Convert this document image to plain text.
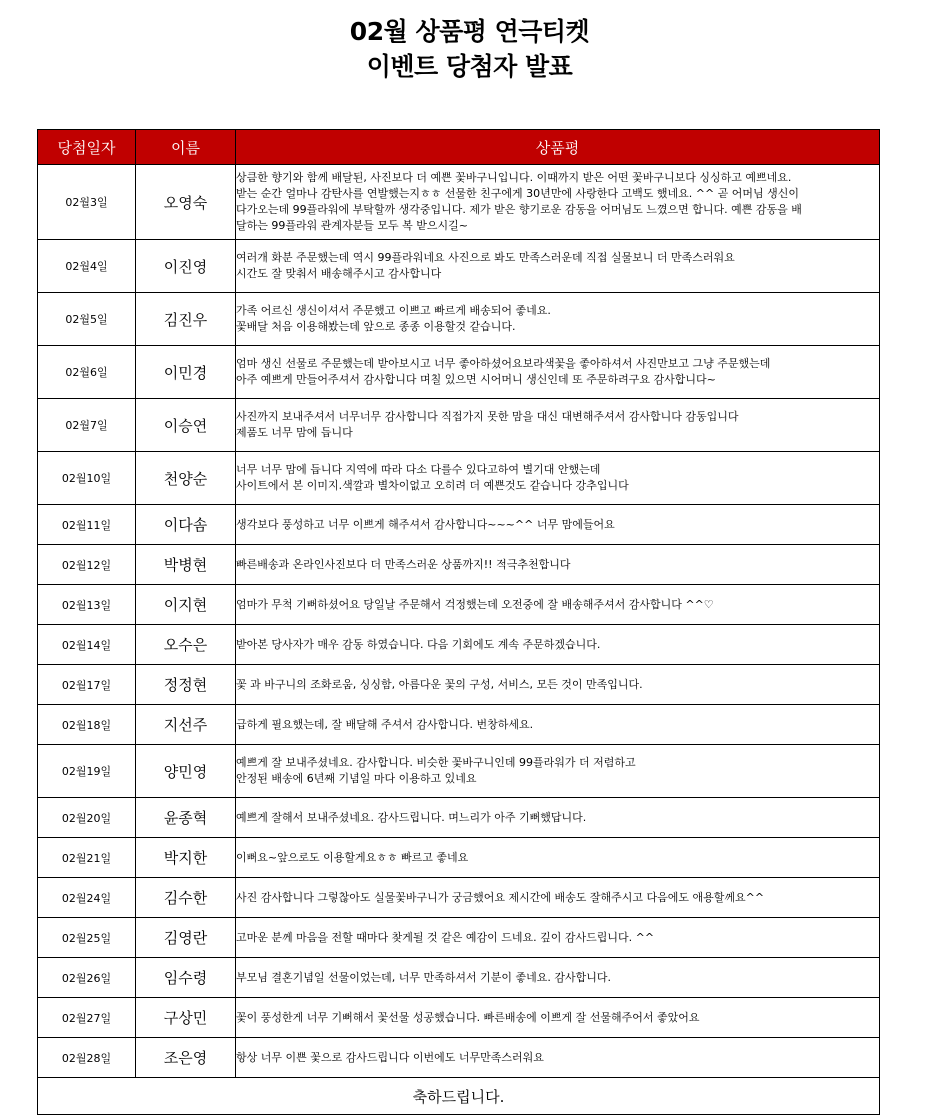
02월 상품평 연극티켓
이벤트 당첨자 발표
당첨일자	이름	상품평
02월3일	오영숙	상큼한 향기와 함께 배달된, 사진보다 더 예쁜 꽃바구니입니다. 이때까지 받은 어떤 꽃바구니보다 싱싱하고 예쁘네요.
받는 순간 얼마나 감탄사를 연발했는지ㅎㅎ 선물한 친구에게 30년만에 사랑한다 고백도 했네요. ^^ 곧 어머님 생신이
다가오는데 99플라워에 부탁할까 생각중입니다. 제가 받은 향기로운 감동을 어머님도 느꼈으면 합니다. 예쁜 감동을 배
달하는 99플라워 관계자분들 모두 복 받으시길~
02월4일	이진영	여러개 화분 주문했는데 역시 99플라워네요 사진으로 봐도 만족스러운데 직접 실물보니 더 만족스러워요
시간도 잘 맞춰서 배송해주시고 감사합니다
02월5일	김진우	가족 어르신 생신이셔서 주문했고 이쁘고 빠르게 배송되어 좋네요.
꽃배달 처음 이용해봤는데 앞으로 종종 이용할것 같습니다.
02월6일	이민경	엄마 생신 선물로 주문했는데 받아보시고 너무 좋아하셨어요보라색꽃을 좋아하셔서 사진만보고 그냥 주문했는데
아주 예쁘게 만들어주셔서 감사합니다 며칠 있으면 시어머니 생신인데 또 주문하려구요 감사합니다~
02월7일	이승연	사진까지 보내주셔서 너무너무 감사합니다 직접가지 못한 맘을 대신 대변해주셔서 감사합니다 감동입니다
제품도 너무 맘에 듭니다
02월10일	천양순	너무 너무 맘에 듭니다 지역에 따라 다소 다를수 있다고하여 별기대 안했는데
사이트에서 본 이미지.색깔과 별차이없고 오히려 더 예쁜것도 같습니다 강추입니다
02월11일	이다솜	생각보다 풍성하고 너무 이쁘게 해주셔서 감사합니다~~~^^ 너무 맘에들어요
02월12일	박병현	빠른배송과 온라인사진보다 더 만족스러운 상품까지!! 적극추천합니다
02월13일	이지현	엄마가 무척 기뻐하셨어요 당일날 주문해서 걱정했는데 오전중에 잘 배송해주셔서 감사합니다 ^^♡
02월14일	오수은	받아본 당사자가 매우 감동 하였습니다. 다음 기회에도 계속 주문하겠습니다.
02월17일	정정현	꽃 과 바구니의 조화로움, 싱싱함, 아름다운 꽃의 구성, 서비스, 모든 것이 만족입니다.
02월18일	지선주	급하게 필요했는데, 잘 배달해 주셔서 감사합니다. 번창하세요.
02월19일	양민영	예쁘게 잘 보내주셨네요. 감사합니다. 비슷한 꽃바구니인데 99플라워가 더 저렴하고
안정된 배송에 6년째 기념일 마다 이용하고 있네요
02월20일	윤종혁	예쁘게 잘해서 보내주셨네요. 감사드립니다. 며느리가 아주 기뻐했답니다.
02월21일	박지한	이뻐요~앞으로도 이용할게요ㅎㅎ 빠르고 좋네요
02월24일	김수한	사진 감사합니다 그렇찮아도 실물꽃바구니가 궁금했어요 제시간에 배송도 잘해주시고 다음에도 애용할께요^^
02월25일	김영란	고마운 분께 마음을 전할 때마다 찾게될 것 같은 예감이 드네요. 깊이 감사드립니다. ^^
02월26일	임수령	부모님 결혼기념일 선물이었는데, 너무 만족하셔서 기분이 좋네요. 감사합니다.
02월27일	구상민	꽃이 풍성한게 너무 기뻐해서 꽃선물 성공했습니다. 빠른배송에 이쁘게 잘 선물해주어서 좋았어요
02월28일	조은영	항상 너무 이쁜 꽃으로 감사드립니다 이번에도 너무만족스러워요
축하드립니다.		
